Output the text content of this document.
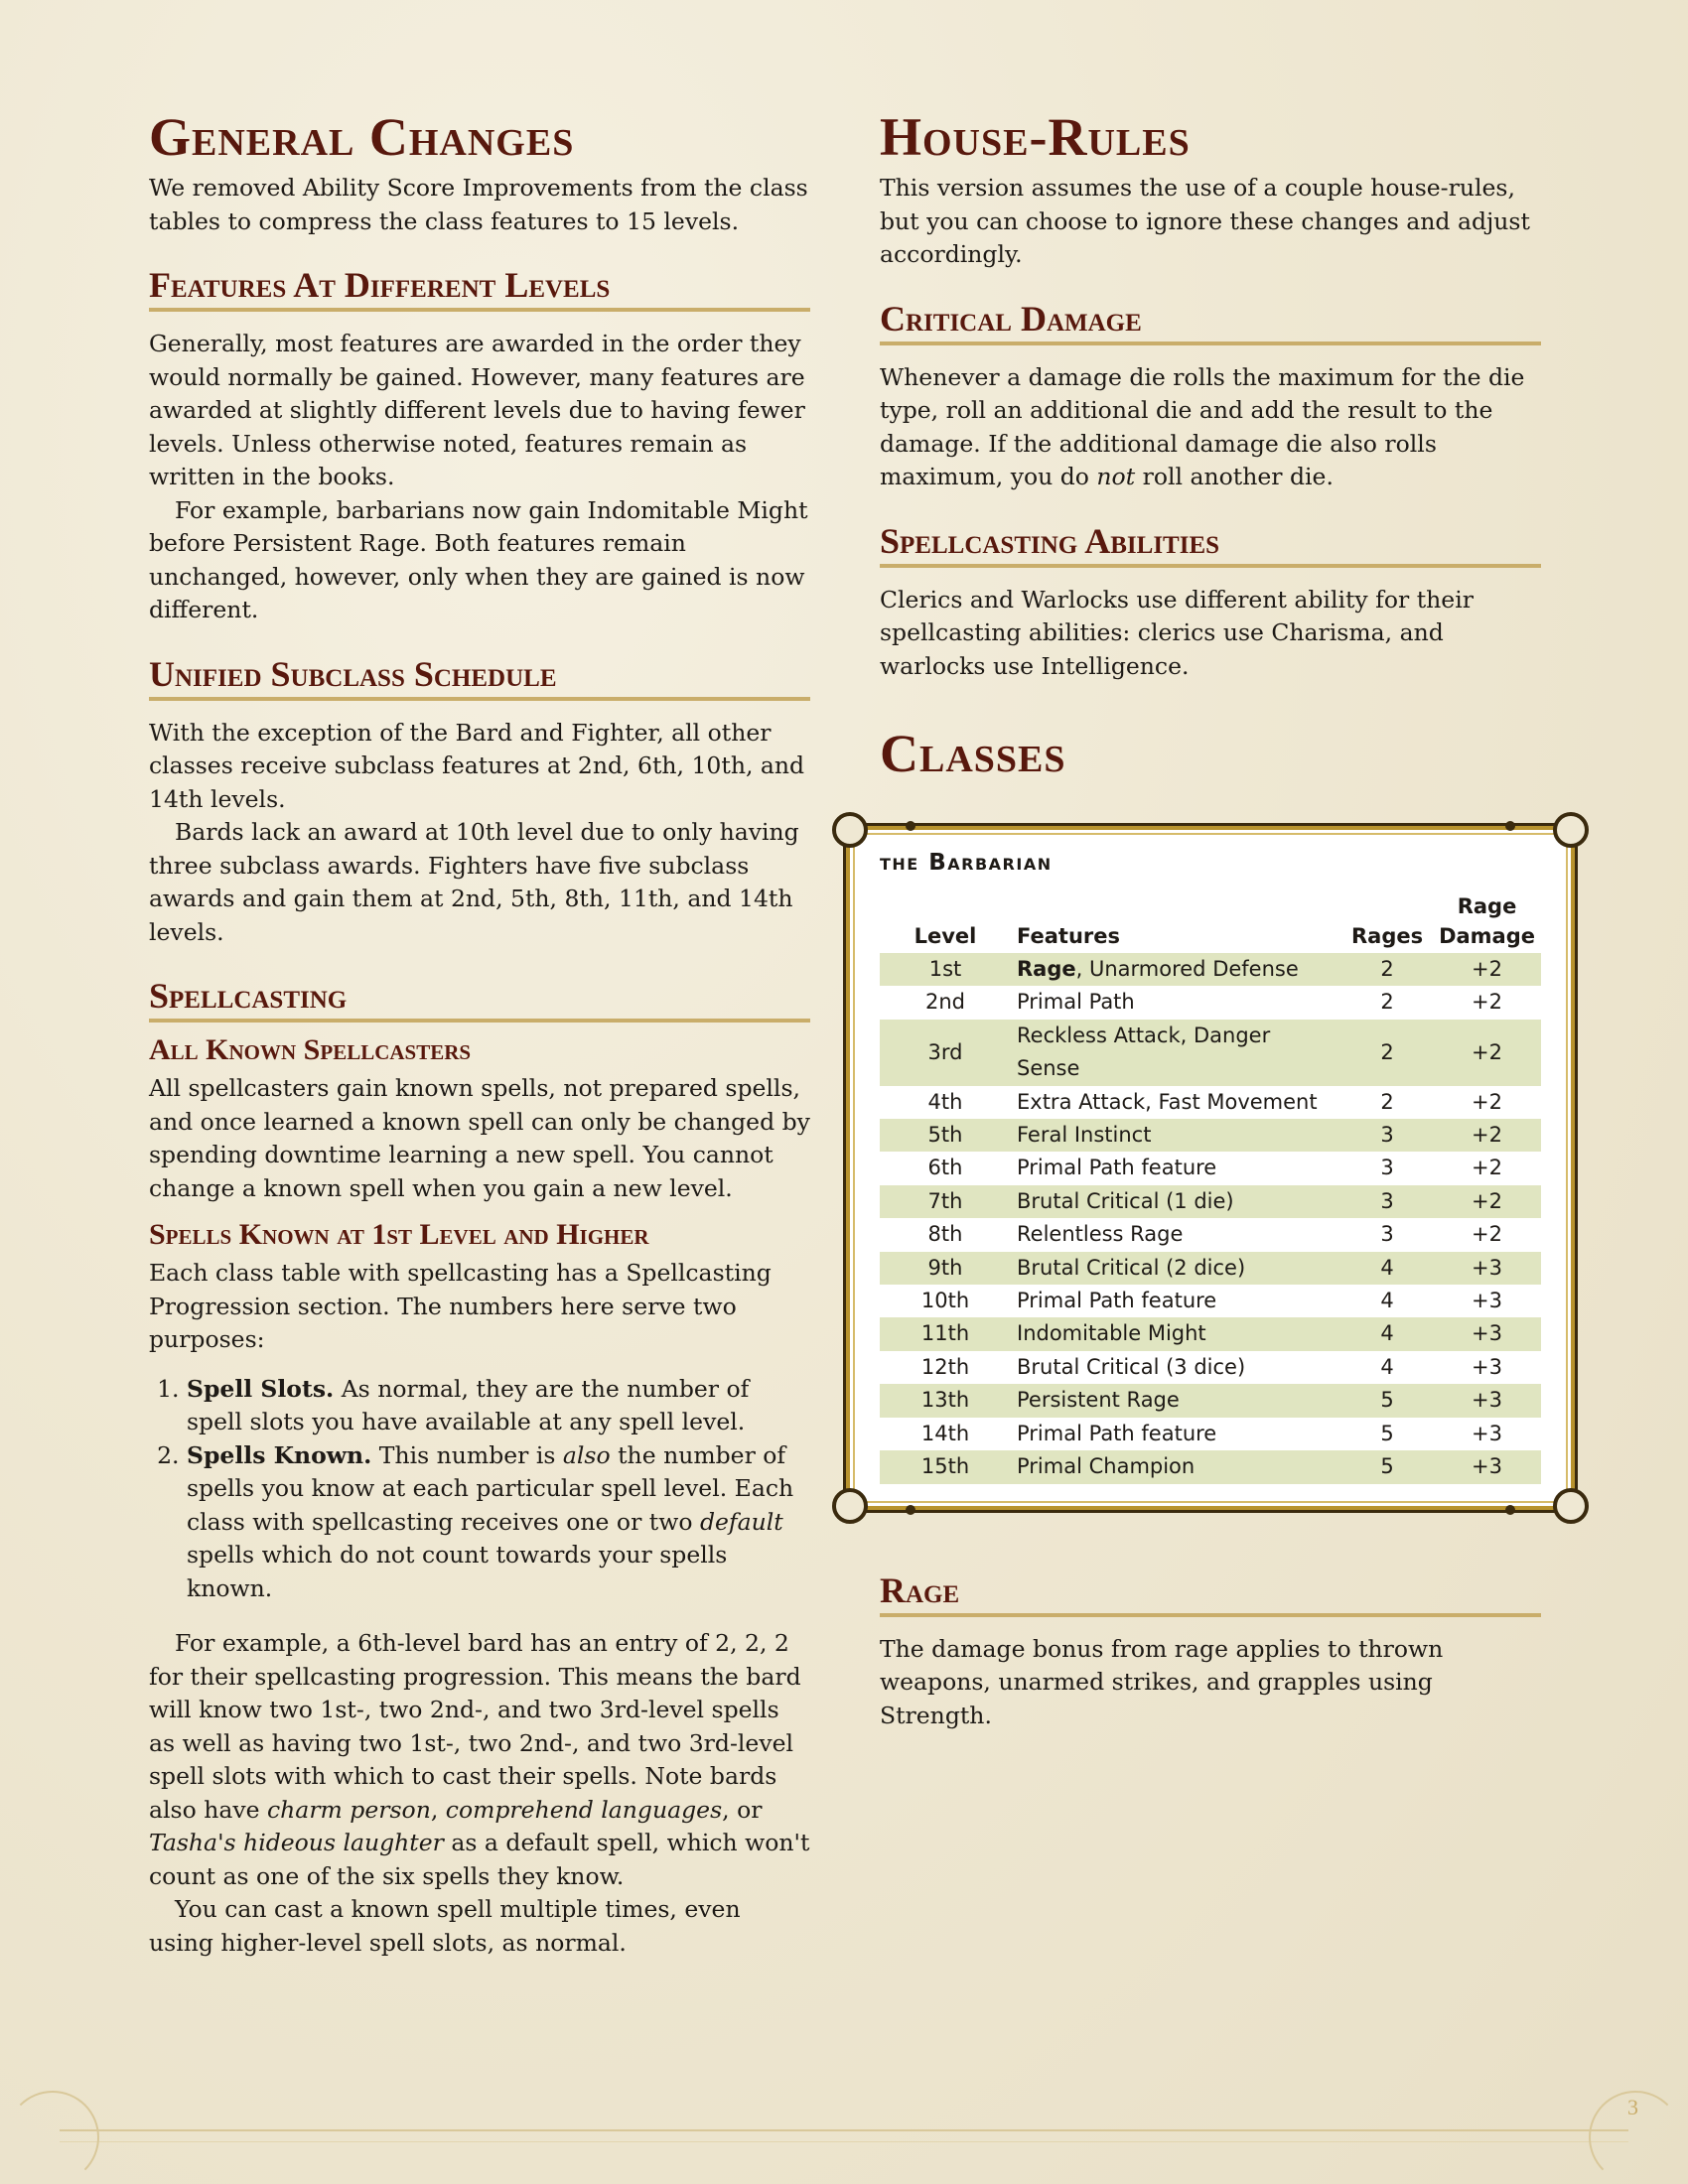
General Changes

We removed Ability Score Improvements from the class tables to compress the class features to 15 levels.

Features At Different Levels

Generally, most features are awarded in the order they would normally be gained. However, many features are awarded at slightly different levels due to having fewer levels. Unless otherwise noted, features remain as written in the books.

For example, barbarians now gain Indomitable Might before Persistent Rage. Both features remain unchanged, however, only when they are gained is now different.

Unified Subclass Schedule

With the exception of the Bard and Fighter, all other classes receive subclass features at 2nd, 6th, 10th, and 14th levels.

Bards lack an award at 10th level due to only having three subclass awards. Fighters have five subclass awards and gain them at 2nd, 5th, 8th, 11th, and 14th levels.

Spellcasting
All Known Spellcasters

All spellcasters gain known spells, not prepared spells, and once learned a known spell can only be changed by spending downtime learning a new spell. You cannot change a known spell when you gain a new level.

Spells Known at 1st Level and Higher

Each class table with spellcasting has a Spellcasting Progression section. The numbers here serve two purposes:

1. Spell Slots. As normal, they are the number of spell slots you have available at any spell level.
2. Spells Known. This number is also the number of spells you know at each particular spell level. Each class with spellcasting receives one or two default spells which do not count towards your spells known.

For example, a 6th-level bard has an entry of 2, 2, 2 for their spellcasting progression. This means the bard will know two 1st-, two 2nd-, and two 3rd-level spells as well as having two 1st-, two 2nd-, and two 3rd-level spell slots with which to cast their spells. Note bards also have charm person, comprehend languages, or Tasha's hideous laughter as a default spell, which won't count as one of the six spells they know.

You can cast a known spell multiple times, even using higher-level spell slots, as normal.

House-Rules

This version assumes the use of a couple house-rules, but you can choose to ignore these changes and adjust accordingly.

Critical Damage

Whenever a damage die rolls the maximum for the die type, roll an additional die and add the result to the damage. If the additional damage die also rolls maximum, you do not roll another die.

Spellcasting Abilities

Clerics and Warlocks use different ability for their spellcasting abilities: clerics use Charisma, and warlocks use Intelligence.

Classes
the Barbarian
Level	Features	Rages	Rage
Damage
1st	Rage, Unarmored Defense	2	+2
2nd	Primal Path	2	+2
3rd	Reckless Attack, Danger Sense	2	+2
4th	Extra Attack, Fast Movement	2	+2
5th	Feral Instinct	3	+2
6th	Primal Path feature	3	+2
7th	Brutal Critical (1 die)	3	+2
8th	Relentless Rage	3	+2
9th	Brutal Critical (2 dice)	4	+3
10th	Primal Path feature	4	+3
11th	Indomitable Might	4	+3
12th	Brutal Critical (3 dice)	4	+3
13th	Persistent Rage	5	+3
14th	Primal Path feature	5	+3
15th	Primal Champion	5	+3
Rage

The damage bonus from rage applies to thrown weapons, unarmed strikes, and grapples using Strength.

3
